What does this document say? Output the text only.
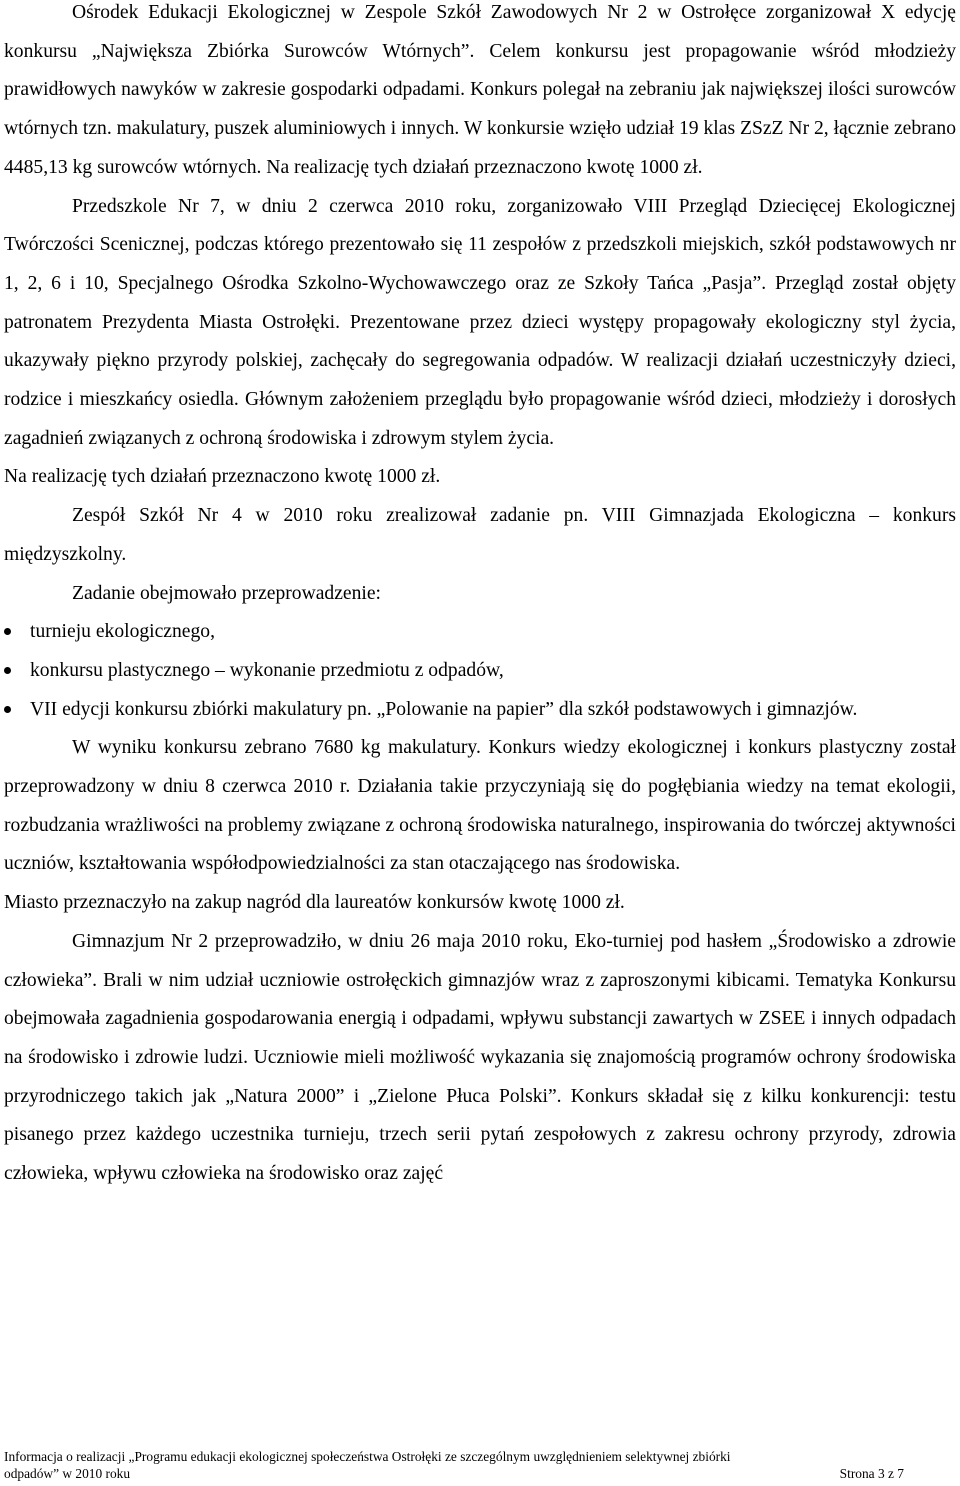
Ośrodek Edukacji Ekologicznej w Zespole Szkół Zawodowych Nr 2 w Ostrołęce zorganizował X edycję konkursu „Największa Zbiórka Surowców Wtórnych”. Celem konkursu jest propagowanie wśród młodzieży prawidłowych nawyków w zakresie gospodarki odpadami. Konkurs polegał na zebraniu jak największej ilości surowców wtórnych tzn. makulatury, puszek aluminiowych i innych. W konkursie wzięło udział 19 klas ZSzZ Nr 2, łącznie zebrano 4485,13 kg surowców wtórnych. Na realizację tych działań przeznaczono kwotę 1000 zł.

Przedszkole Nr 7, w dniu 2 czerwca 2010 roku, zorganizowało VIII Przegląd Dziecięcej Ekologicznej Twórczości Scenicznej, podczas którego prezentowało się 11 zespołów z przedszkoli miejskich, szkół podstawowych nr 1, 2, 6 i 10, Specjalnego Ośrodka Szkolno-Wychowawczego oraz ze Szkoły Tańca „Pasja”. Przegląd został objęty patronatem Prezydenta Miasta Ostrołęki. Prezentowane przez dzieci występy propagowały ekologiczny styl życia, ukazywały piękno przyrody polskiej, zachęcały do segregowania odpadów. W realizacji działań uczestniczyły dzieci, rodzice i mieszkańcy osiedla. Głównym założeniem przeglądu było propagowanie wśród dzieci, młodzieży i dorosłych zagadnień związanych z ochroną środowiska i zdrowym stylem życia.

Na realizację tych działań przeznaczono kwotę 1000 zł.

Zespół Szkół Nr 4 w 2010 roku zrealizował zadanie pn. VIII Gimnazjada Ekologiczna – konkurs międzyszkolny.

Zadanie obejmowało przeprowadzenie:

turnieju ekologicznego,
konkursu plastycznego – wykonanie przedmiotu z odpadów,
VII edycji konkursu zbiórki makulatury pn. „Polowanie na papier” dla szkół podstawowych i gimnazjów.

W wyniku konkursu zebrano 7680 kg makulatury. Konkurs wiedzy ekologicznej i konkurs plastyczny został przeprowadzony w dniu 8 czerwca 2010 r. Działania takie przyczyniają się do pogłębiania wiedzy na temat ekologii, rozbudzania wrażliwości na problemy związane z ochroną środowiska naturalnego, inspirowania do twórczej aktywności uczniów, kształtowania współodpowiedzialności za stan otaczającego nas środowiska.

Miasto przeznaczyło na zakup nagród dla laureatów konkursów kwotę 1000 zł.

Gimnazjum Nr 2 przeprowadziło, w dniu 26 maja 2010 roku, Eko-turniej pod hasłem „Środowisko a zdrowie człowieka”. Brali w nim udział uczniowie ostrołęckich gimnazjów wraz z zaproszonymi kibicami. Tematyka Konkursu obejmowała zagadnienia gospodarowania energią i odpadami, wpływu substancji zawartych w ZSEE i innych odpadach na środowisko i zdrowie ludzi. Uczniowie mieli możliwość wykazania się znajomością programów ochrony środowiska przyrodniczego takich jak „Natura 2000” i „Zielone Płuca Polski”. Konkurs składał się z kilku konkurencji: testu pisanego przez każdego uczestnika turnieju, trzech serii pytań zespołowych z zakresu ochrony przyrody, zdrowia człowieka, wpływu człowieka na środowisko oraz zajęć

Informacja o realizacji „Programu edukacji ekologicznej społeczeństwa Ostrołęki ze szczególnym uwzględnieniem selektywnej zbiórki
odpadów” w 2010 roku	Strona 3 z 7
